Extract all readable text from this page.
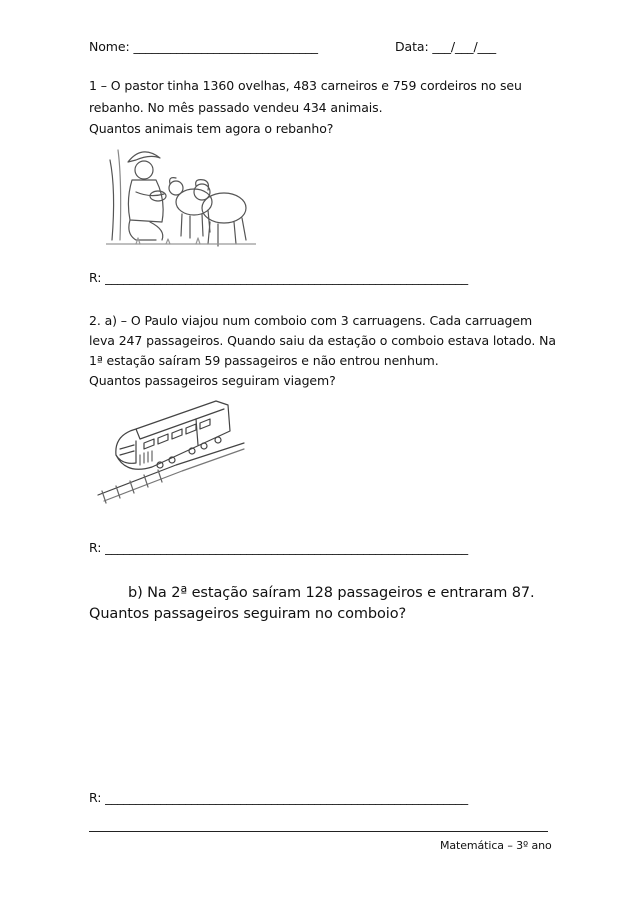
Nome: ______________________________	Data: ___/___/___
1 – O pastor tinha 1360 ovelhas, 483 carneiros e 759 cordeiros no seu
rebanho. No mês passado vendeu 434 animais.
Quantos animais tem agora o rebanho?
R: ___________________________________________________________
2. a) – O Paulo viajou num comboio com 3 carruagens. Cada carruagem
leva 247 passageiros. Quando saiu da estação o comboio estava lotado. Na
1ª estação saíram 59 passageiros e não entrou nenhum.
Quantos passageiros seguiram viagem?
R: ___________________________________________________________
b) Na 2ª estação saíram 128 passageiros e entraram 87.
Quantos passageiros seguiram no comboio?
R: ___________________________________________________________
Matemática – 3º ano
